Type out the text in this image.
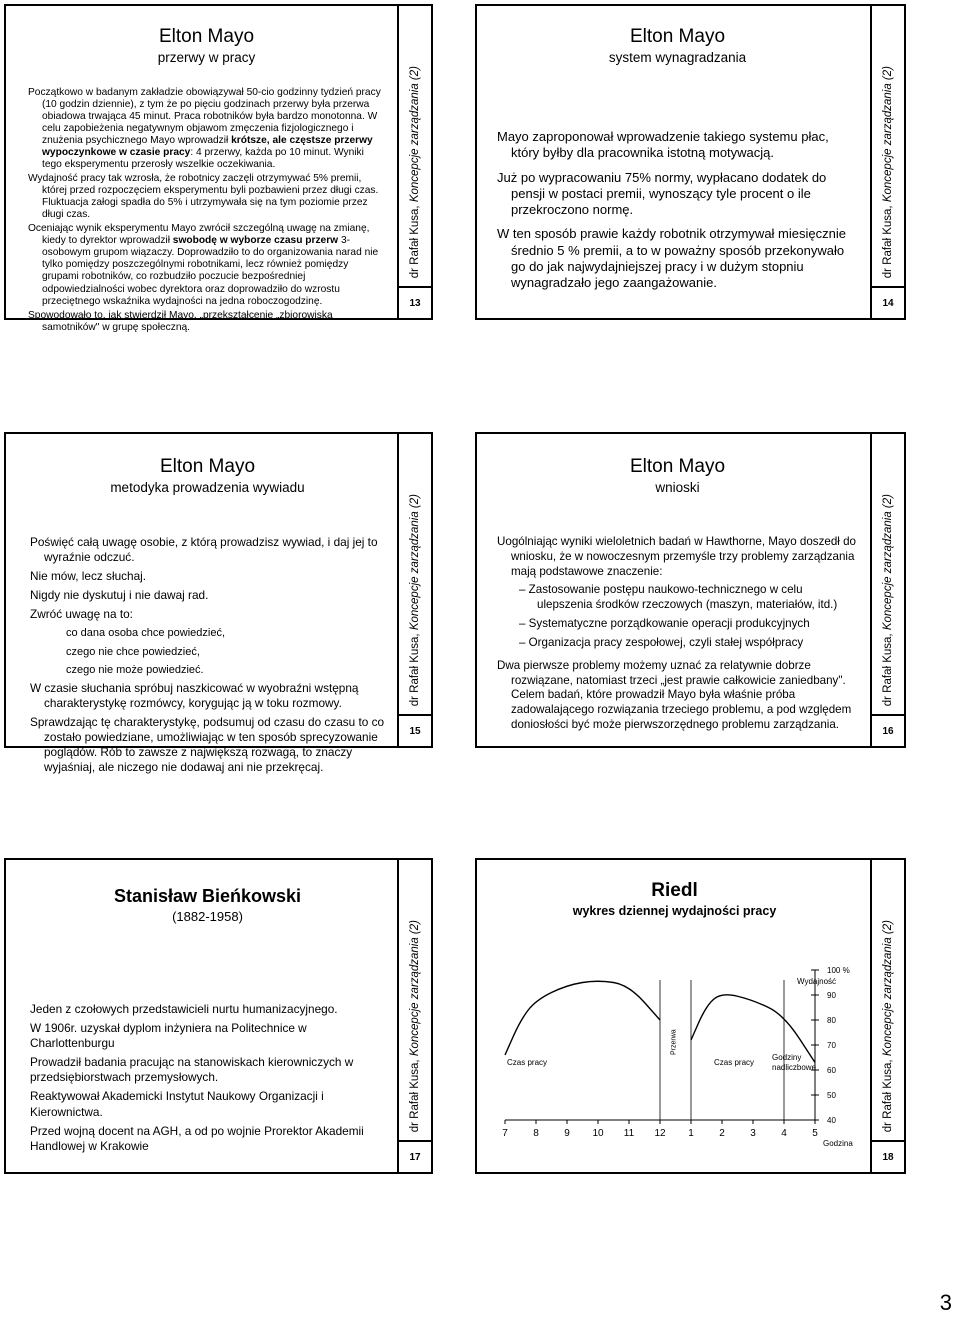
Elton Mayo
przerwy w pracy

Początkowo w badanym zakładzie obowiązywał 50-cio godzinny tydzień pracy (10 godzin dziennie), z tym że po pięciu godzinach przerwy była przerwa obiadowa trwająca 45 minut. Praca robotników była bardzo monotonna. W celu zapobieżenia negatywnym objawom zmęczenia fizjologicznego i znużenia psychicznego Mayo wprowadził krótsze, ale częstsze przerwy wypoczynkowe w czasie pracy: 4 przerwy, każda po 10 minut. Wyniki tego eksperymentu przerosły wszelkie oczekiwania.

Wydajność pracy tak wzrosła, że robotnicy zaczęli otrzymywać 5% premii, której przed rozpoczęciem eksperymentu byli pozbawieni przez długi czas. Fluktuacja załogi spadła do 5% i utrzymywała się na tym poziomie przez długi czas.

Oceniając wynik eksperymentu Mayo zwrócił szczególną uwagę na zmianę, kiedy to dyrektor wprowadził swobodę w wyborze czasu przerw 3-osobowym grupom wiązaczy. Doprowadziło to do organizowania narad nie tylko pomiędzy poszczególnymi robotnikami, lecz również pomiędzy grupami robotników, co rozbudziło poczucie bezpośredniej odpowiedzialności wobec dyrektora oraz doprowadziło do wzrostu przeciętnego wskaźnika wydajności na jedna roboczogodzinę.

Spowodowało to, jak stwierdził Mayo, „przekształcenie „zbiorowiska samotników" w grupę społeczną.

dr Rafał Kusa, Koncepcje zarządzania (2)
13
Elton Mayo
system wynagradzania

Mayo zaproponował wprowadzenie takiego systemu płac, który byłby dla pracownika istotną motywacją.

Już po wypracowaniu 75% normy, wypłacano dodatek do pensji w postaci premii, wynoszący tyle procent o ile przekroczono normę.

W ten sposób prawie każdy robotnik otrzymywał miesięcznie średnio 5 % premii, a to w poważny sposób przekonywało go do jak najwydajniejszej pracy i w dużym stopniu wynagradzało jego zaangażowanie.

dr Rafał Kusa, Koncepcje zarządzania (2)
14
Elton Mayo
metodyka prowadzenia wywiadu

Poświęć całą uwagę osobie, z którą prowadzisz wywiad, i daj jej to wyraźnie odczuć.

Nie mów, lecz słuchaj.

Nigdy nie dyskutuj i nie dawaj rad.

Zwróć uwagę na to:

co dana osoba chce powiedzieć,

czego nie chce powiedzieć,

czego nie może powiedzieć.

W czasie słuchania spróbuj naszkicować w wyobraźni wstępną charakterystykę rozmówcy, korygując ją w toku rozmowy.

Sprawdzając tę charakterystykę, podsumuj od czasu do czasu to co zostało powiedziane, umożliwiając w ten sposób sprecyzowanie poglądów. Rób to zawsze z największą rozwagą, to znaczy wyjaśniaj, ale niczego nie dodawaj ani nie przekręcaj.

dr Rafał Kusa, Koncepcje zarządzania (2)
15
Elton Mayo
wnioski

Uogólniając wyniki wieloletnich badań w Hawthorne, Mayo doszedł do wniosku, że w nowoczesnym przemyśle trzy problemy zarządzania mają podstawowe znaczenie:

– Zastosowanie postępu naukowo-technicznego w celu ulepszenia środków rzeczowych (maszyn, materiałów, itd.)

– Systematyczne porządkowanie operacji produkcyjnych

– Organizacja pracy zespołowej, czyli stałej współpracy

Dwa pierwsze problemy możemy uznać za relatywnie dobrze rozwiązane, natomiast trzeci „jest prawie całkowicie zaniedbany". Celem badań, które prowadził Mayo była właśnie próba zadowalającego rozwiązania trzeciego problemu, a pod względem doniosłości być może pierwszorzędnego problemu zarządzania.

dr Rafał Kusa, Koncepcje zarządzania (2)
16
Stanisław Bieńkowski
(1882-1958)

Jeden z czołowych przedstawicieli nurtu humanizacyjnego.

W 1906r. uzyskał dyplom inżyniera na Politechnice w Charlottenburgu

Prowadził badania pracując na stanowiskach kierowniczych w przedsiębiorstwach przemysłowych.

Reaktywował Akademicki Instytut Naukowy Organizacji i Kierownictwa.

Przed wojną docent na AGH, a od po wojnie Prorektor Akademii Handlowej w Krakowie

dr Rafał Kusa, Koncepcje zarządzania (2)
17
Riedl
wykres dziennej wydajności pracy
7	8	9 10 11 12 1	2	3	4	5
100 %
90
80
70
60
50
40
Wydajność
Godzina
Czas pracy
Przerwa
Czas pracy
Godziny
nadliczbowe	dr Rafał Kusa, Koncepcje zarządzania (2)
18
3
